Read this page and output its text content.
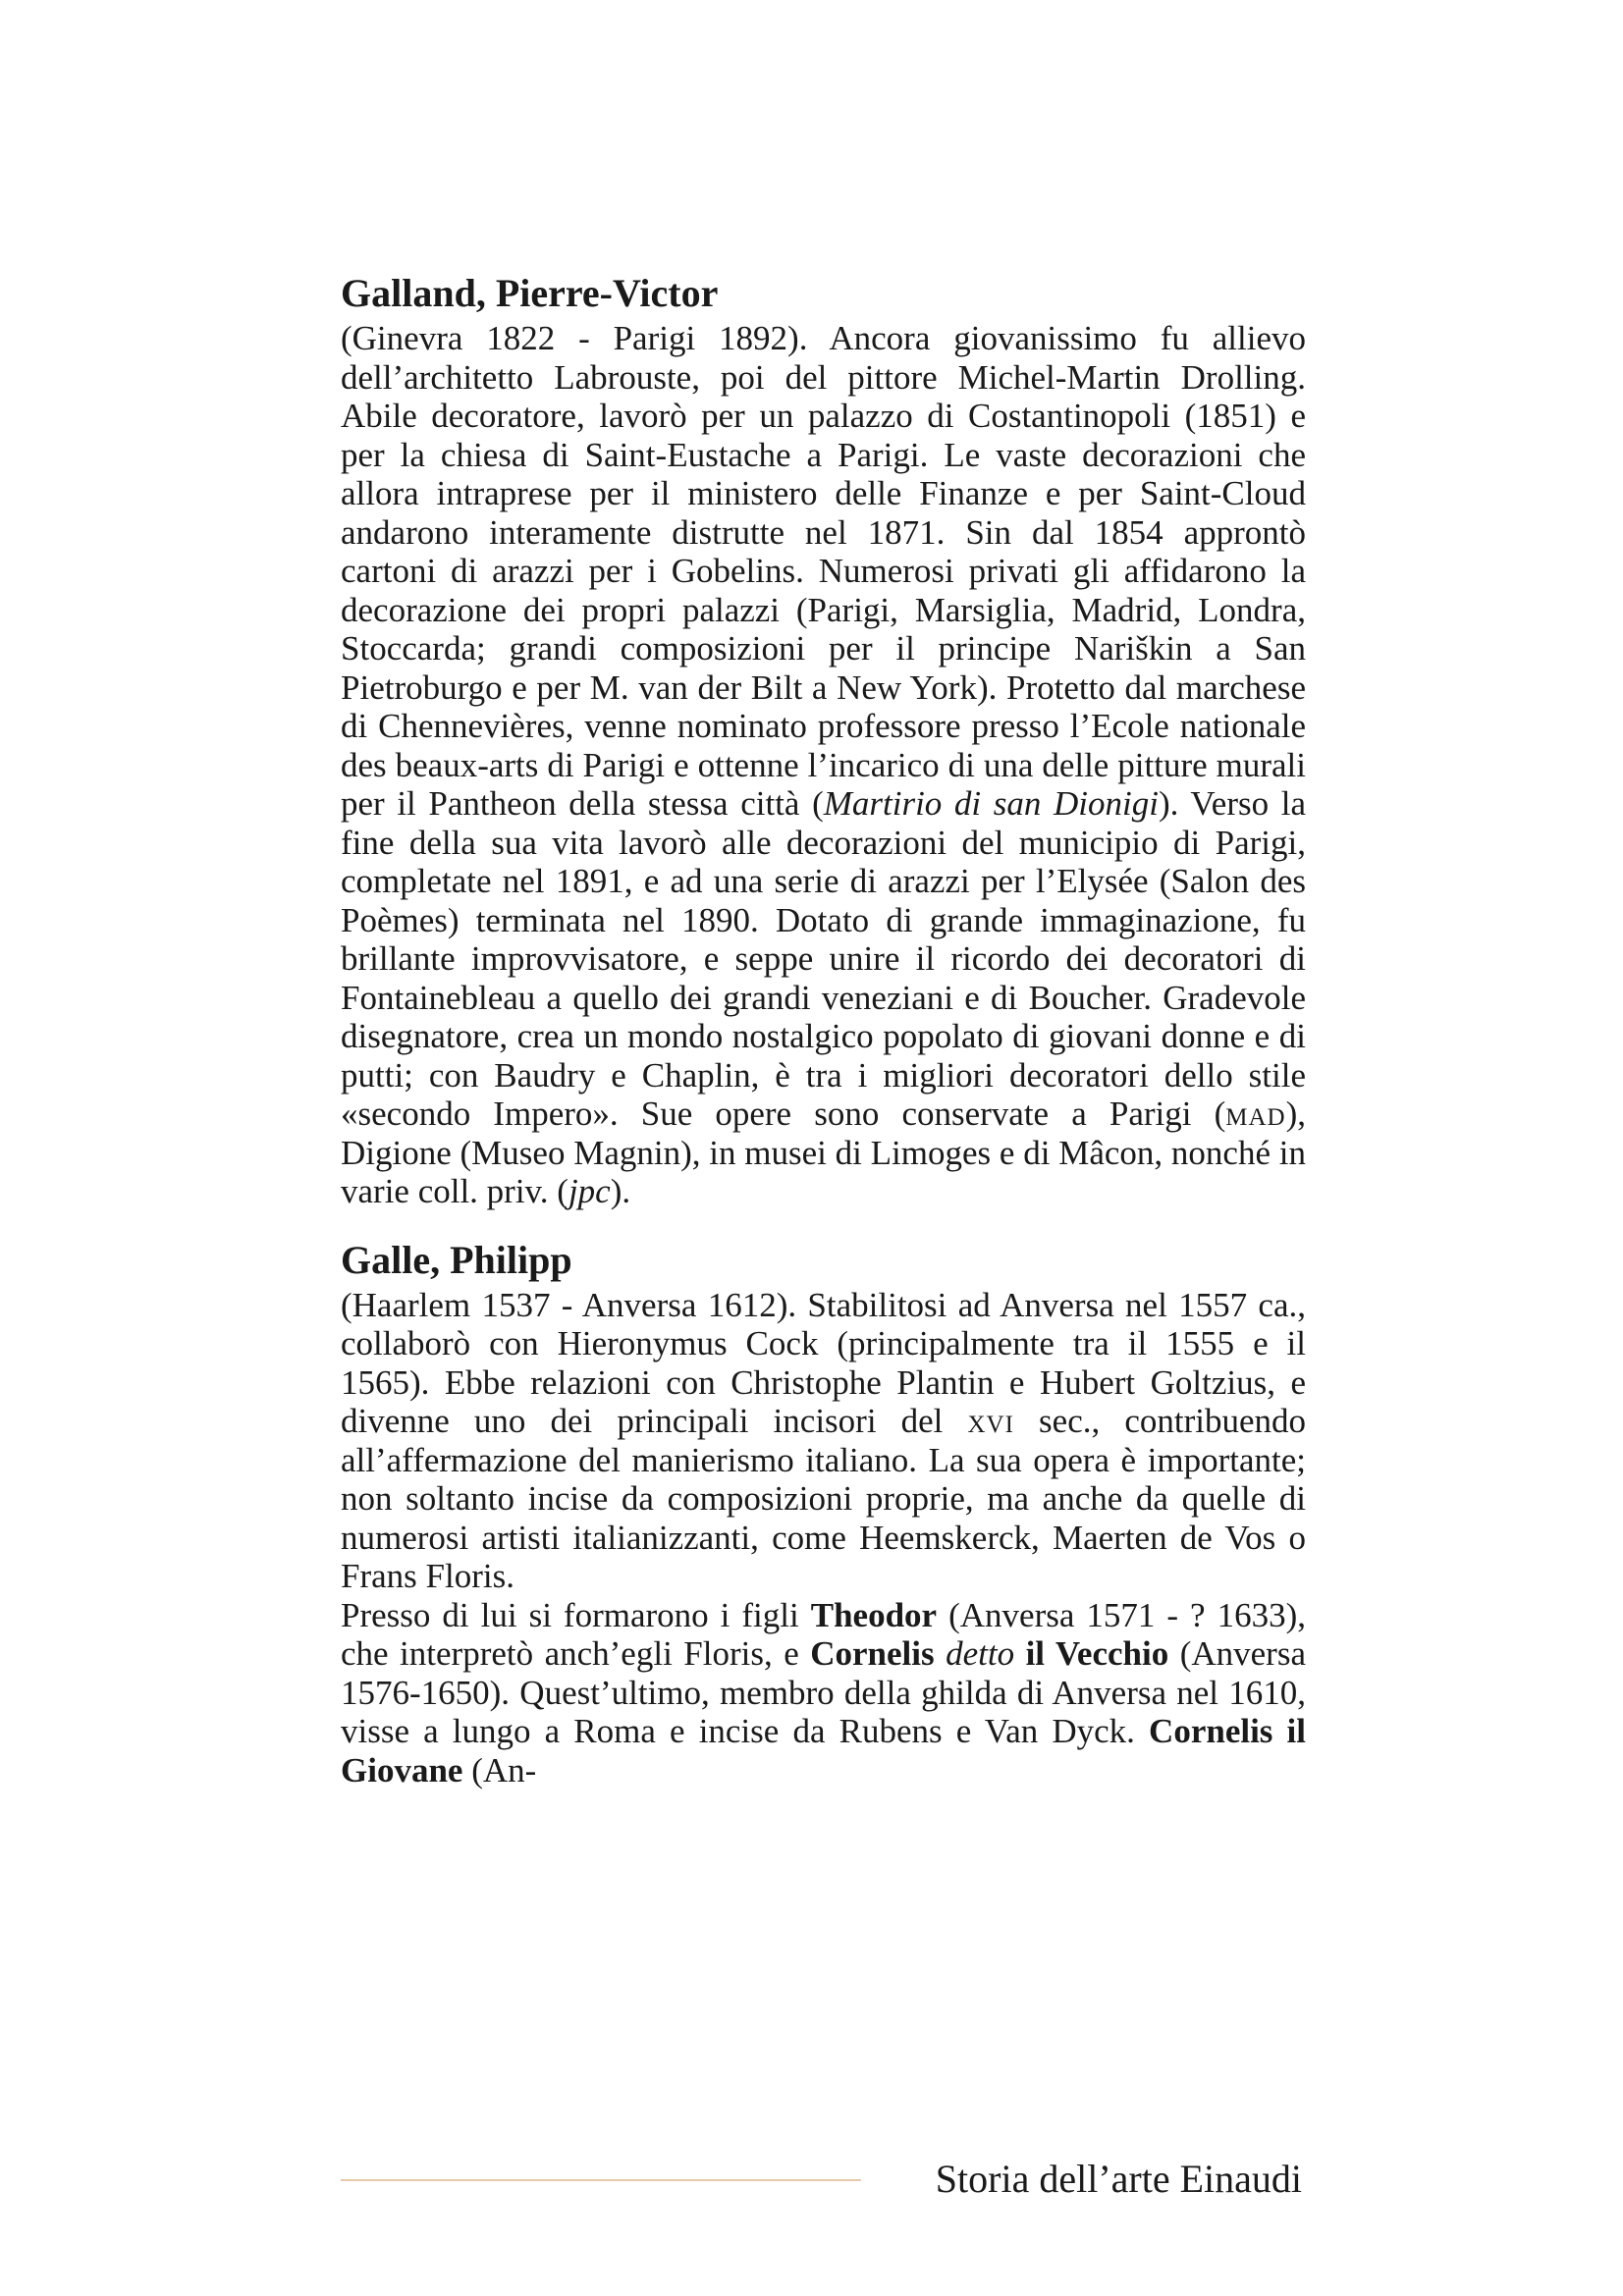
Galland, Pierre-Victor

(Ginevra 1822 - Parigi 1892). Ancora giovanissimo fu allievo dell’architetto Labrouste, poi del pittore Michel-Martin Drolling. Abile decoratore, lavorò per un palazzo di Costantinopoli (1851) e per la chiesa di Saint-Eustache a Parigi. Le vaste decorazioni che allora intraprese per il ministero delle Finanze e per Saint-Cloud andarono interamente distrutte nel 1871. Sin dal 1854 approntò cartoni di arazzi per i Gobelins. Numerosi privati gli affidarono la decorazione dei propri palazzi (Parigi, Marsiglia, Madrid, Londra, Stoccarda; grandi composizioni per il principe Nariškin a San Pietroburgo e per M. van der Bilt a New York). Protetto dal marchese di Chennevières, venne nominato professore presso l’Ecole nationale des beaux-arts di Parigi e ottenne l’incarico di una delle pitture murali per il Pantheon della stessa città (Martirio di san Dionigi). Verso la fine della sua vita lavorò alle decorazioni del municipio di Parigi, completate nel 1891, e ad una serie di arazzi per l’Elysée (Salon des Poèmes) terminata nel 1890. Dotato di grande immaginazione, fu brillante improvvisatore, e seppe unire il ricordo dei decoratori di Fontainebleau a quello dei grandi veneziani e di Boucher. Gradevole disegnatore, crea un mondo nostalgico popolato di giovani donne e di putti; con Baudry e Chaplin, è tra i migliori decoratori dello stile «secondo Impero». Sue opere sono conservate a Parigi (mad), Digione (Museo Magnin), in musei di Limoges e di Mâcon, nonché in varie coll. priv. (jpc).

Galle, Philipp

(Haarlem 1537 - Anversa 1612). Stabilitosi ad Anversa nel 1557 ca., collaborò con Hieronymus Cock (principalmente tra il 1555 e il 1565). Ebbe relazioni con Christophe Plantin e Hubert Goltzius, e divenne uno dei principali incisori del xvi sec., contribuendo all’affermazione del manierismo italiano. La sua opera è importante; non soltanto incise da composizioni proprie, ma anche da quelle di numerosi artisti italianizzanti, come Heemskerck, Maerten de Vos o Frans Floris.

Presso di lui si formarono i figli Theodor (Anversa 1571 - ? 1633), che interpretò anch’egli Floris, e Cornelis detto il Vecchio (Anversa 1576-1650). Quest’ultimo, membro della ghilda di Anversa nel 1610, visse a lungo a Roma e incise da Rubens e Van Dyck. Cornelis il Giovane (An-

Storia dell’arte Einaudi
